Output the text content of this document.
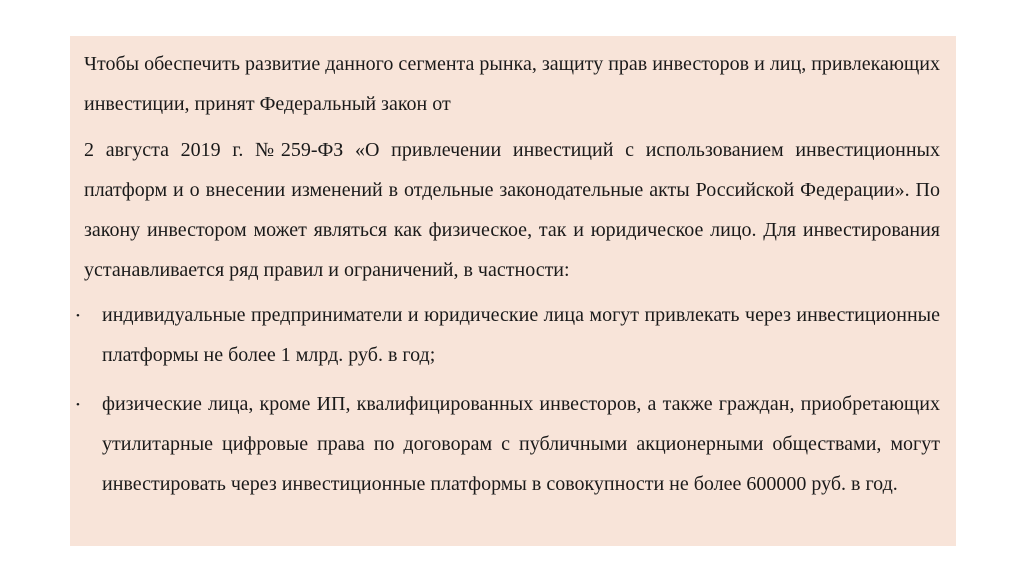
Чтобы обеспечить развитие данного сегмента рынка, защиту прав инвесторов и лиц, привлекающих инвестиции, принят Федеральный закон от

2 августа 2019 г. №259-ФЗ «О привлечении инвестиций с использованием инвестиционных платформ и о внесении изменений в отдельные законодательные акты Российской Федерации». По закону инвестором может являться как физическое, так и юридическое лицо. Для инвестирования устанавливается ряд правил и ограничений, в частности:

• индивидуальные предприниматели и юридические лица могут привлекать через инвестиционные платформы не более 1 млрд. руб. в год;

• физические лица, кроме ИП, квалифицированных инвесторов, а также граждан, приобретающих утилитарные цифровые права по договорам с публичными акционерными обществами, могут инвестировать через инвестиционные платформы в совокупности не более 600000 руб. в год.
